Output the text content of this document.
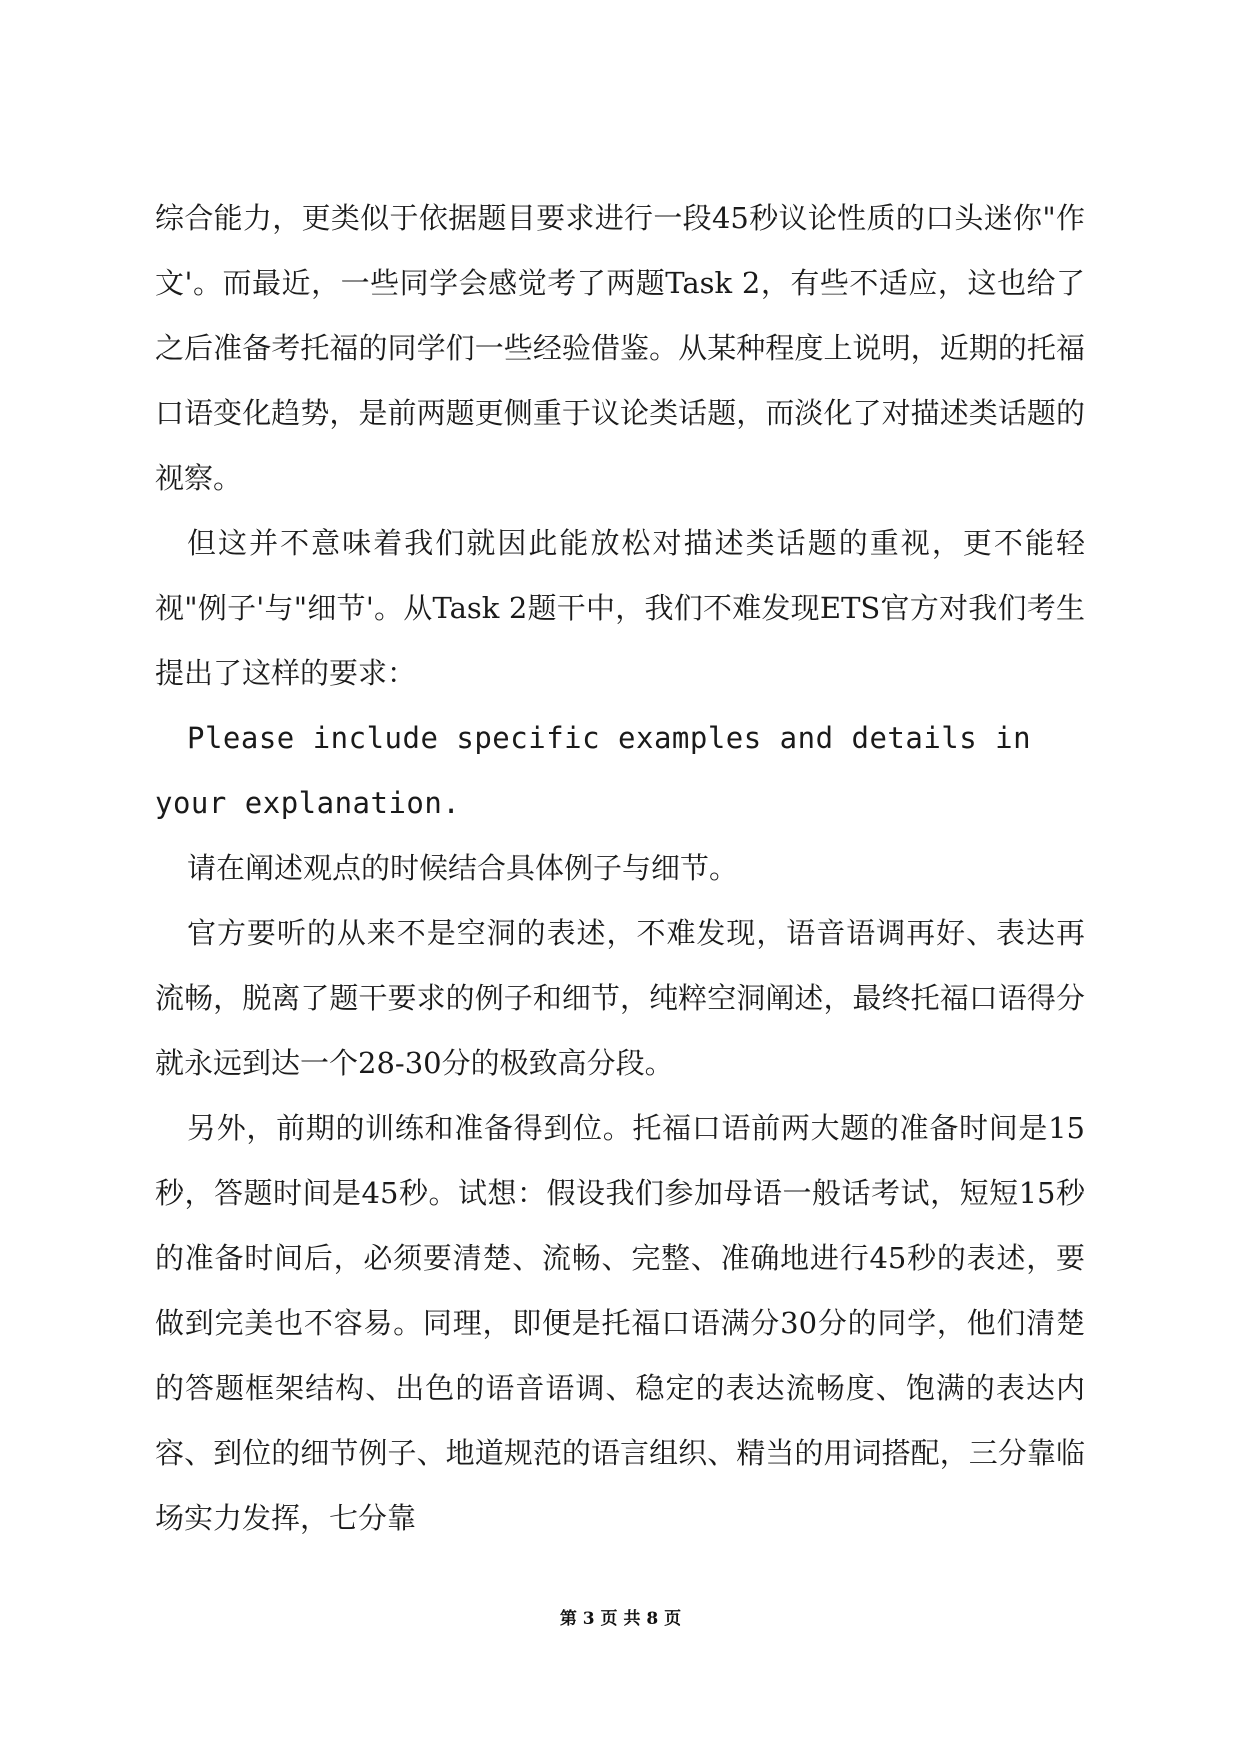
综合能力，更类似于依据题目要求进行一段45秒议论性质的口头迷你"作文'。而最近，一些同学会感觉考了两题Task 2，有些不适应，这也给了之后准备考托福的同学们一些经验借鉴。从某种程度上说明，近期的托福口语变化趋势，是前两题更侧重于议论类话题，而淡化了对描述类话题的视察。

但这并不意味着我们就因此能放松对描述类话题的重视，更不能轻视"例子'与"细节'。从Task 2题干中，我们不难发现ETS官方对我们考生提出了这样的要求：

Please include specific examples and details in your explanation.

请在阐述观点的时候结合具体例子与细节。

官方要听的从来不是空洞的表述，不难发现，语音语调再好、表达再流畅，脱离了题干要求的例子和细节，纯粹空洞阐述，最终托福口语得分就永远到达一个28-30分的极致高分段。

另外，前期的训练和准备得到位。托福口语前两大题的准备时间是15秒，答题时间是45秒。试想：假设我们参加母语一般话考试，短短15秒的准备时间后，必须要清楚、流畅、完整、准确地进行45秒的表述，要做到完美也不容易。同理，即便是托福口语满分30分的同学，他们清楚的答题框架结构、出色的语音语调、稳定的表达流畅度、饱满的表达内容、到位的细节例子、地道规范的语言组织、精当的用词搭配，三分靠临场实力发挥，七分靠

第 3 页 共 8 页
